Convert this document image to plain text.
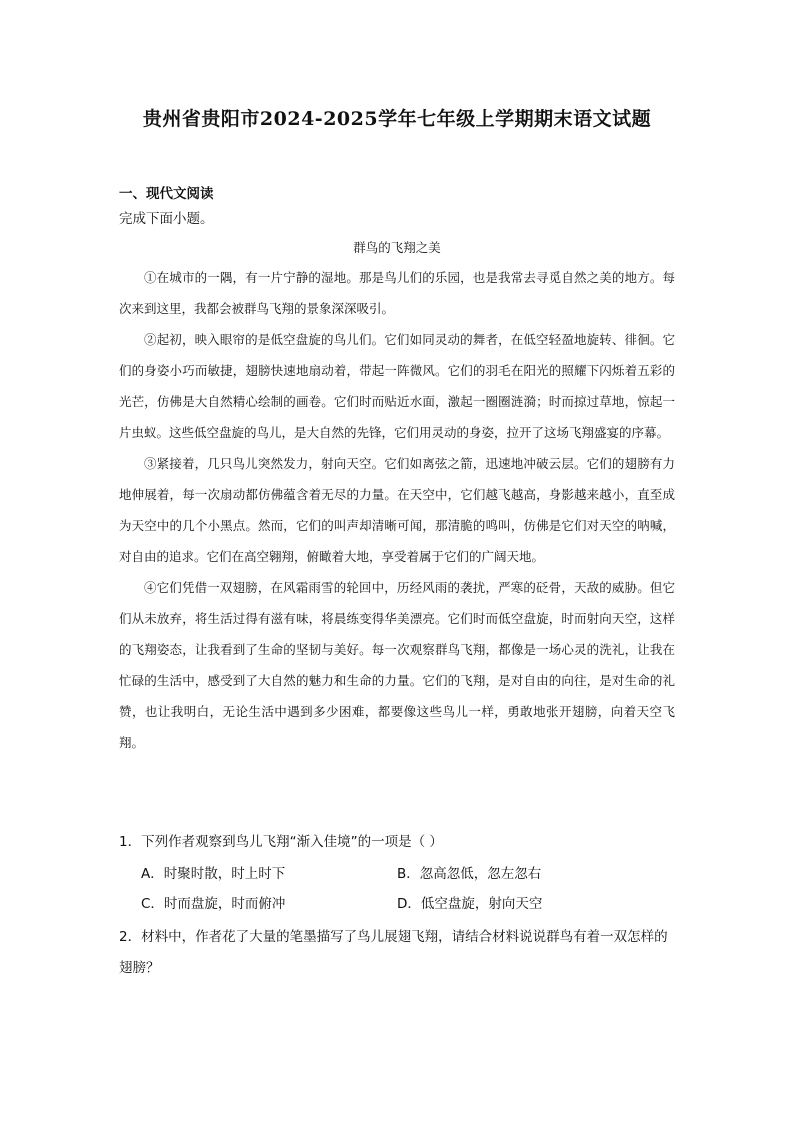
贵州省贵阳市2024-2025学年七年级上学期期末语文试题
一、现代文阅读
完成下面小题。
群鸟的飞翔之美

①在城市的一隅，有一片宁静的湿地。那是鸟儿们的乐园，也是我常去寻觅自然之美的地方。每次来到这里，我都会被群鸟飞翔的景象深深吸引。

②起初，映入眼帘的是低空盘旋的鸟儿们。它们如同灵动的舞者，在低空轻盈地旋转、徘徊。它们的身姿小巧而敏捷，翅膀快速地扇动着，带起一阵微风。它们的羽毛在阳光的照耀下闪烁着五彩的光芒，仿佛是大自然精心绘制的画卷。它们时而贴近水面，激起一圈圈涟漪；时而掠过草地，惊起一片虫蚁。这些低空盘旋的鸟儿，是大自然的先锋，它们用灵动的身姿，拉开了这场飞翔盛宴的序幕。

③紧接着，几只鸟儿突然发力，射向天空。它们如离弦之箭，迅速地冲破云层。它们的翅膀有力地伸展着，每一次扇动都仿佛蕴含着无尽的力量。在天空中，它们越飞越高，身影越来越小，直至成为天空中的几个小黑点。然而，它们的叫声却清晰可闻，那清脆的鸣叫，仿佛是它们对天空的呐喊，对自由的追求。它们在高空翱翔，俯瞰着大地，享受着属于它们的广阔天地。

④它们凭借一双翅膀，在风霜雨雪的轮回中，历经风雨的袭扰，严寒的砭骨，天敌的威胁。但它们从未放弃，将生活过得有滋有味，将晨练变得华美漂亮。它们时而低空盘旋，时而射向天空，这样的飞翔姿态，让我看到了生命的坚韧与美好。每一次观察群鸟飞翔，都像是一场心灵的洗礼，让我在忙碌的生活中，感受到了大自然的魅力和生命的力量。它们的飞翔，是对自由的向往，是对生命的礼赞，也让我明白，无论生活中遇到多少困难，都要像这些鸟儿一样，勇敢地张开翅膀，向着天空飞翔。

1．下列作者观察到鸟儿飞翔“渐入佳境”的一项是（ ）
A．时聚时散，时上时下	B．忽高忽低，忽左忽右
C．时而盘旋，时而俯冲	D．低空盘旋，射向天空
2．材料中，作者花了大量的笔墨描写了鸟儿展翅飞翔，请结合材料说说群鸟有着一双怎样的翅膀？
